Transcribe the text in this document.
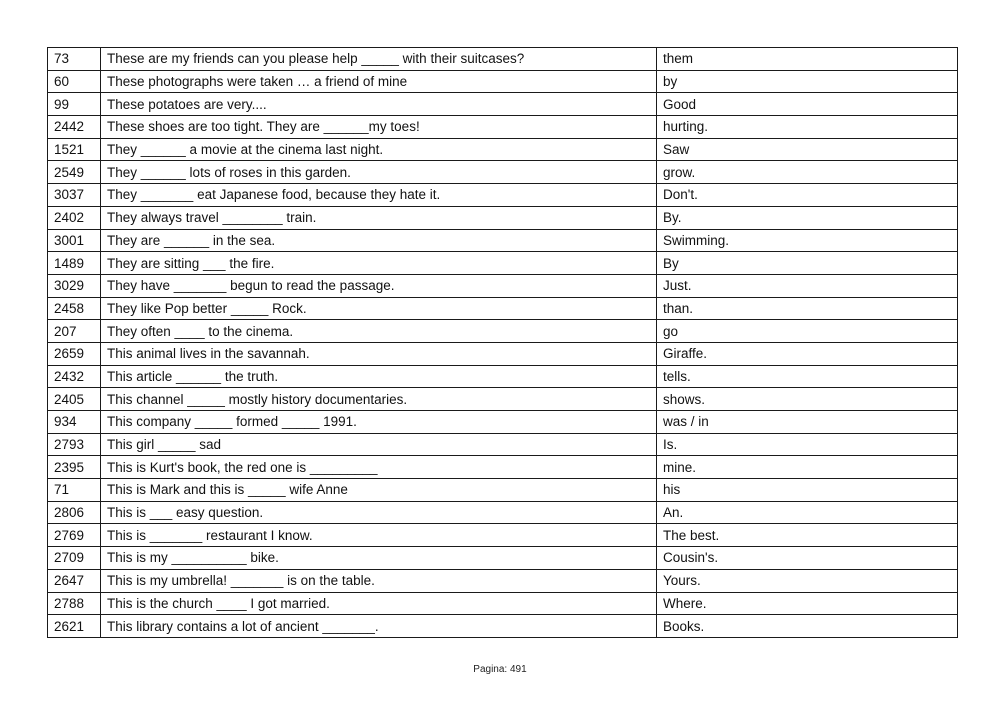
73	These are my friends can you please help _____ with their suitcases?	them
60	These photographs were taken … a friend of mine	by
99	These potatoes are very....	Good
2442	These shoes are too tight. They are ______my toes!	hurting.
1521	They ______ a movie at the cinema last night.	Saw
2549	They ______ lots of roses in this garden.	grow.
3037	They _______ eat Japanese food, because they hate it.	Don't.
2402	They always travel ________ train.	By.
3001	They are ______ in the sea.	Swimming.
1489	They are sitting ___ the fire.	By
3029	They have _______ begun to read the passage.	Just.
2458	They like Pop better _____ Rock.	than.
207	They often ____ to the cinema.	go
2659	This animal lives in the savannah.	Giraffe.
2432	This article ______ the truth.	tells.
2405	This channel _____ mostly history documentaries.	shows.
934	This company _____ formed _____ 1991.	was / in
2793	This girl _____ sad	Is.
2395	This is Kurt's book, the red one is _________	mine.
71	This is Mark and this is _____ wife Anne	his
2806	This is ___ easy question.	An.
2769	This is _______ restaurant I know.	The best.
2709	This is my __________ bike.	Cousin's.
2647	This is my umbrella! _______ is on the table.	Yours.
2788	This is the church ____ I got married.	Where.
2621	This library contains a lot of ancient _______.	Books.
Pagina: 491
